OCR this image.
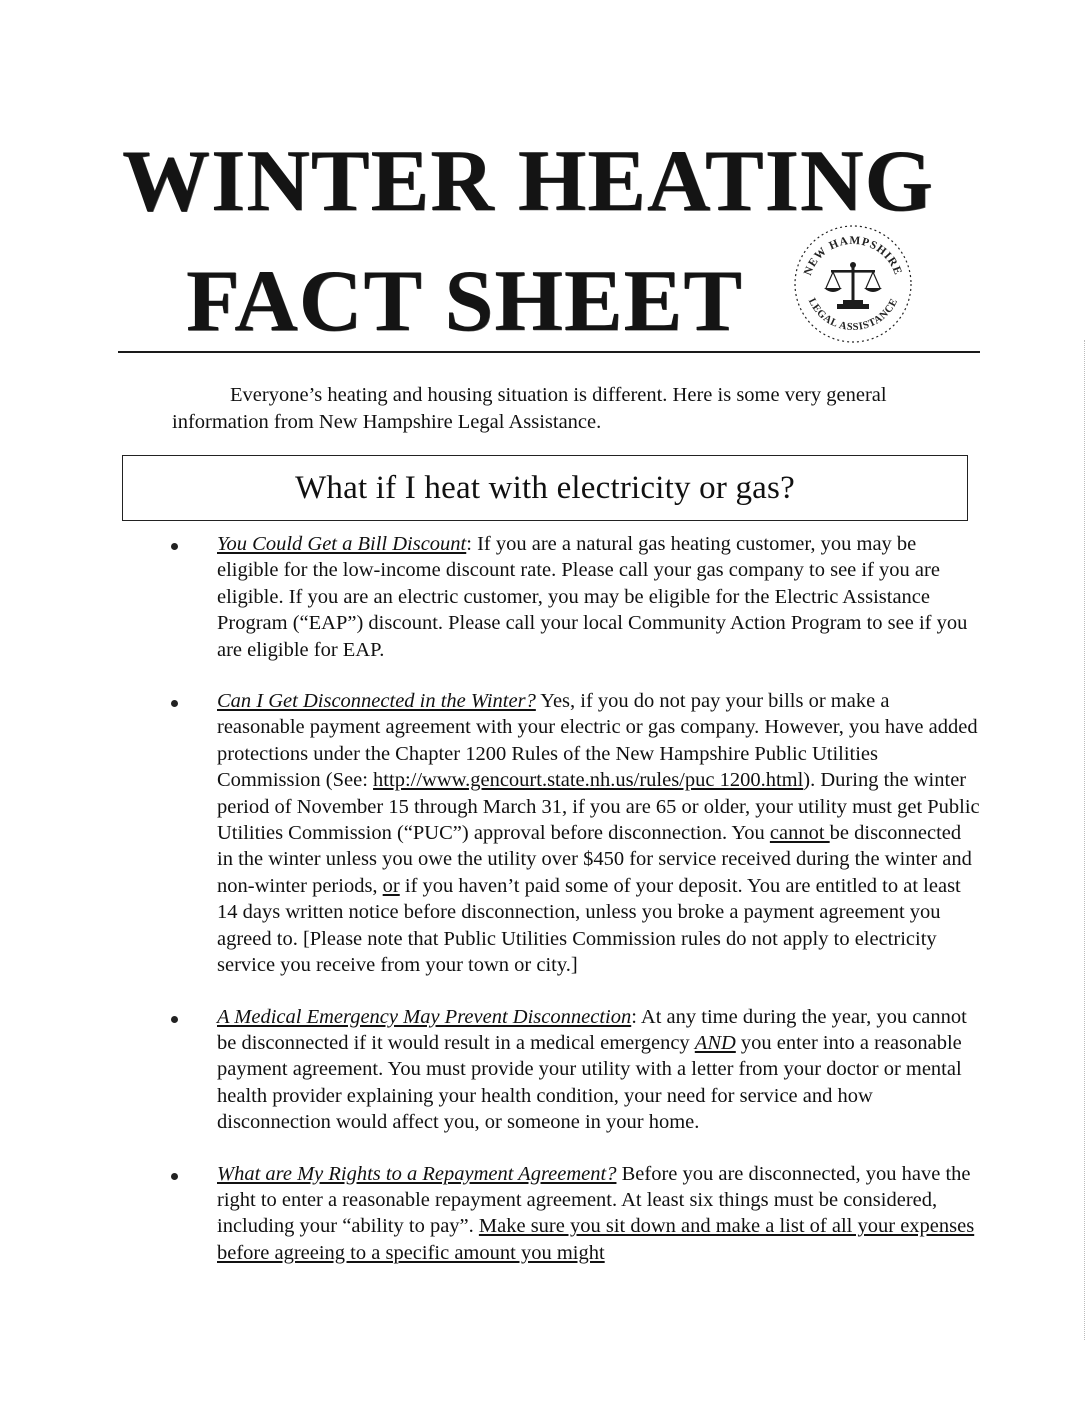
WINTER HEATING
FACT SHEET	NEW HAMPSHIRE
LEGAL ASSISTANCE

Everyone’s heating and housing situation is different. Here is some very general information from New Hampshire Legal Assistance.

What if I heat with electricity or gas?
You Could Get a Bill Discount: If you are a natural gas heating customer, you may be eligible for the low-income discount rate. Please call your gas company to see if you are eligible. If you are an electric customer, you may be eligible for the Electric Assistance Program (“EAP”) discount. Please call your local Community Action Program to see if you are eligible for EAP.
Can I Get Disconnected in the Winter? Yes, if you do not pay your bills or make a reasonable payment agreement with your electric or gas company. However, you have added protections under the Chapter 1200 Rules of the New Hampshire Public Utilities Commission (See: http://www.gencourt.state.nh.us/rules/puc 1200.html). During the winter period of November 15 through March 31, if you are 65 or older, your utility must get Public Utilities Commission (“PUC”) approval before disconnection. You cannot be disconnected in the winter unless you owe the utility over $450 for service received during the winter and non-winter periods, or if you haven’t paid some of your deposit. You are entitled to at least 14 days written notice before disconnection, unless you broke a payment agreement you agreed to. [Please note that Public Utilities Commission rules do not apply to electricity service you receive from your town or city.]
A Medical Emergency May Prevent Disconnection: At any time during the year, you cannot be disconnected if it would result in a medical emergency AND you enter into a reasonable payment agreement. You must provide your utility with a letter from your doctor or mental health provider explaining your health condition, your need for service and how disconnection would affect you, or someone in your home.
What are My Rights to a Repayment Agreement? Before you are disconnected, you have the right to enter a reasonable repayment agreement. At least six things must be considered, including your “ability to pay”. Make sure you sit down and make a list of all your expenses before agreeing to a specific amount you might
